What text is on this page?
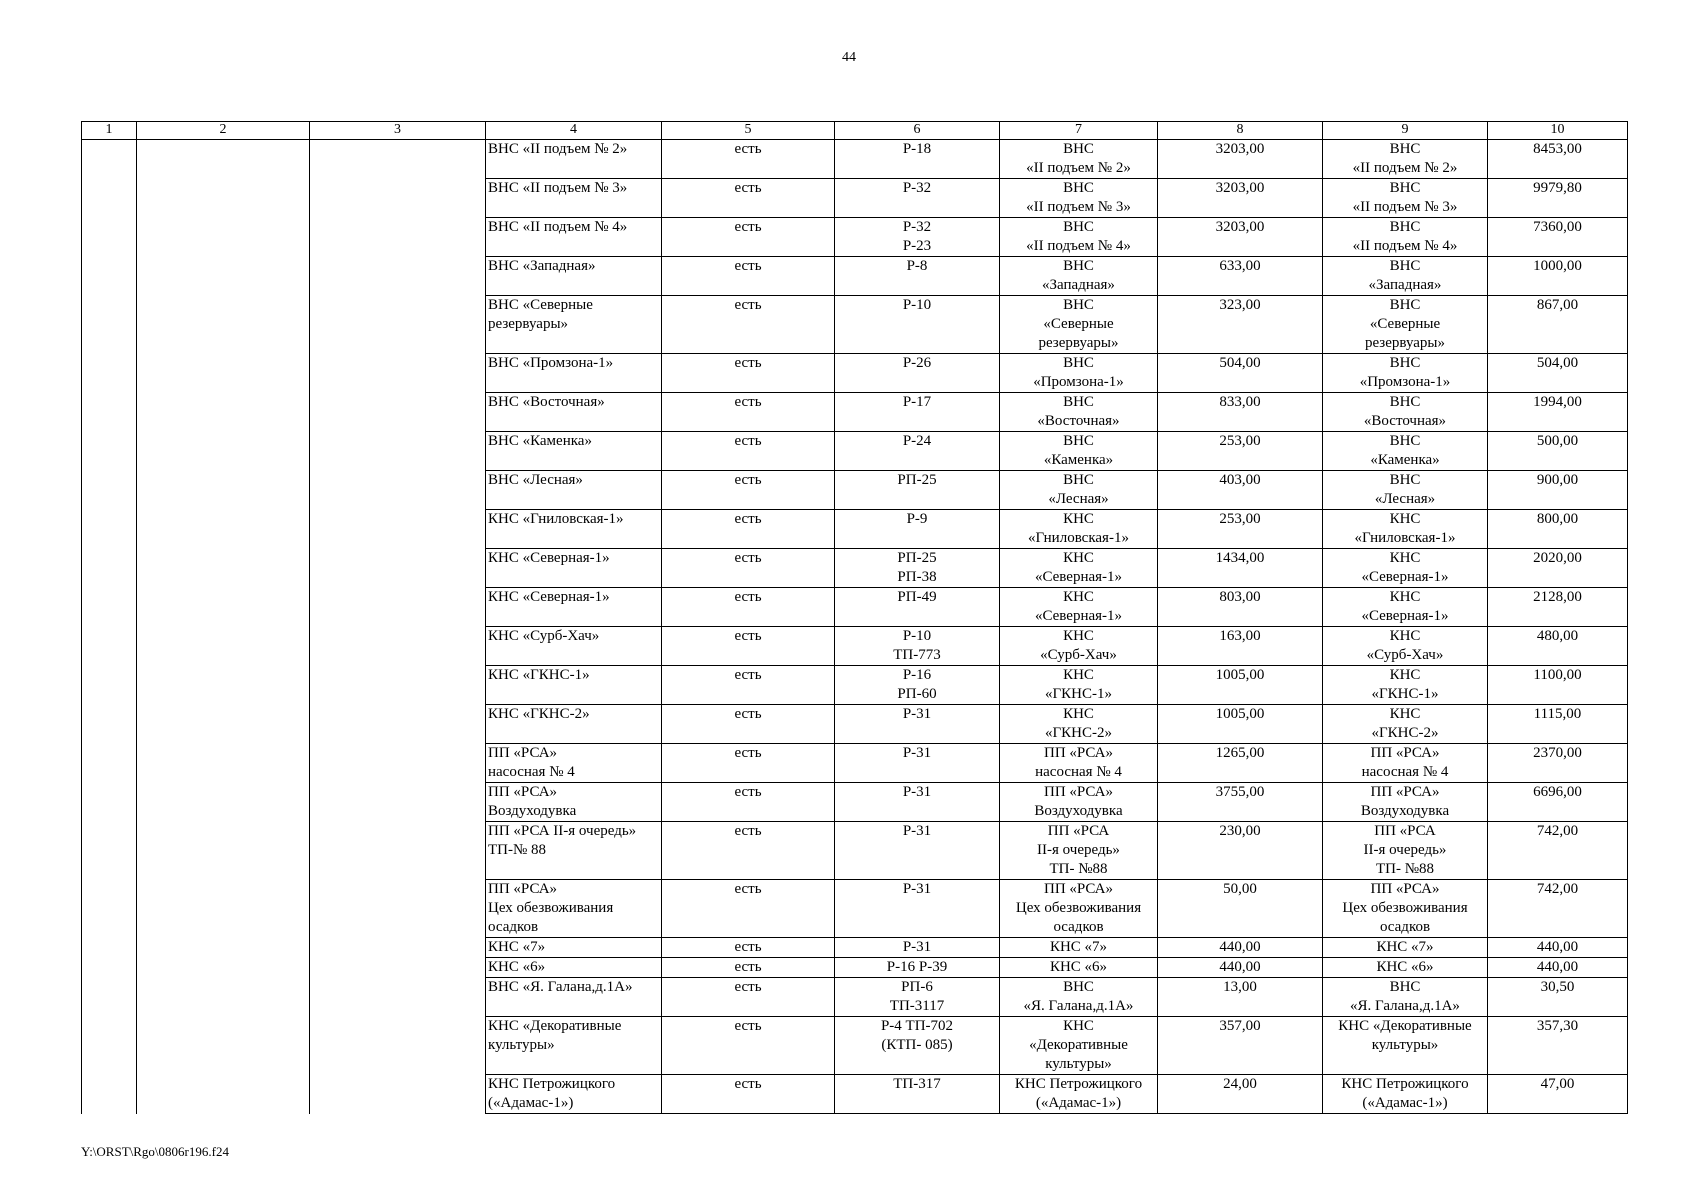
44
1	2	3	4	5	6	7	8	9	10

			ВНС «II подъем № 2»	есть	Р-18	ВНС
«II подъем № 2»	3203,00	ВНС
«II подъем № 2»	8453,00

			ВНС «II подъем № 3»	есть	Р-32	ВНС
«II подъем № 3»	3203,00	ВНС
«II подъем № 3»	9979,80

			ВНС «II подъем № 4»	есть	Р-32
Р-23	ВНС
«II подъем № 4»	3203,00	ВНС
«II подъем № 4»	7360,00

			ВНС «Западная»	есть	Р-8	ВНС
«Западная»	633,00	ВНС
«Западная»	1000,00

			ВНС «Северные
резервуары»	есть	Р-10	ВНС
«Северные
резервуары»	323,00	ВНС
«Северные
резервуары»	867,00

			ВНС «Промзона-1»	есть	Р-26	ВНС
«Промзона-1»	504,00	ВНС
«Промзона-1»	504,00

			ВНС «Восточная»	есть	Р-17	ВНС
«Восточная»	833,00	ВНС
«Восточная»	1994,00

			ВНС «Каменка»	есть	Р-24	ВНС
«Каменка»	253,00	ВНС
«Каменка»	500,00

			ВНС «Лесная»	есть	РП-25	ВНС
«Лесная»	403,00	ВНС
«Лесная»	900,00

			КНС «Гниловская-1»	есть	Р-9	КНС
«Гниловская-1»	253,00	КНС
«Гниловская-1»	800,00

			КНС «Северная-1»	есть	РП-25
РП-38	КНС
«Северная-1»	1434,00	КНС
«Северная-1»	2020,00

			КНС «Северная-1»	есть	РП-49	КНС
«Северная-1»	803,00	КНС
«Северная-1»	2128,00

			КНС «Сурб-Хач»	есть	Р-10
ТП-773	КНС
«Сурб-Хач»	163,00	КНС
«Сурб-Хач»	480,00

			КНС «ГКНС-1»	есть	Р-16
РП-60	КНС
«ГКНС-1»	1005,00	КНС
«ГКНС-1»	1100,00

			КНС «ГКНС-2»	есть	Р-31	КНС
«ГКНС-2»	1005,00	КНС
«ГКНС-2»	1115,00

			ПП «РСА»
насосная № 4	есть	Р-31	ПП «РСА»
насосная № 4	1265,00	ПП «РСА»
насосная № 4	2370,00

			ПП «РСА»
Воздуходувка	есть	Р-31	ПП «РСА»
Воздуходувка	3755,00	ПП «РСА»
Воздуходувка	6696,00

			ПП «РСА II-я очередь»
ТП-№ 88	есть	Р-31	ПП «РСА
II-я очередь»
ТП- №88	230,00	ПП «РСА
II-я очередь»
ТП- №88	742,00

			ПП «РСА»
Цех обезвоживания
осадков	есть	Р-31	ПП «РСА»
Цех обезвоживания
осадков	50,00	ПП «РСА»
Цех обезвоживания
осадков	742,00

			КНС «7»	есть	Р-31	КНС «7»	440,00	КНС «7»	440,00

			КНС «6»	есть	Р-16 Р-39	КНС «6»	440,00	КНС «6»	440,00

			ВНС «Я. Галана,д.1А»	есть	РП-6
ТП-3117	ВНС
«Я. Галана,д.1А»	13,00	ВНС
«Я. Галана,д.1А»	30,50

			КНС «Декоративные
культуры»	есть	Р-4 ТП-702
(КТП- 085)	КНС
«Декоративные
культуры»	357,00	КНС «Декоративные
культуры»	357,30

			КНС Петрожицкого
(«Адамас-1»)	есть	ТП-317	КНС Петрожицкого
(«Адамас-1»)	24,00	КНС Петрожицкого
(«Адамас-1»)	47,00
Y:\ORST\Rgo\0806r196.f24
